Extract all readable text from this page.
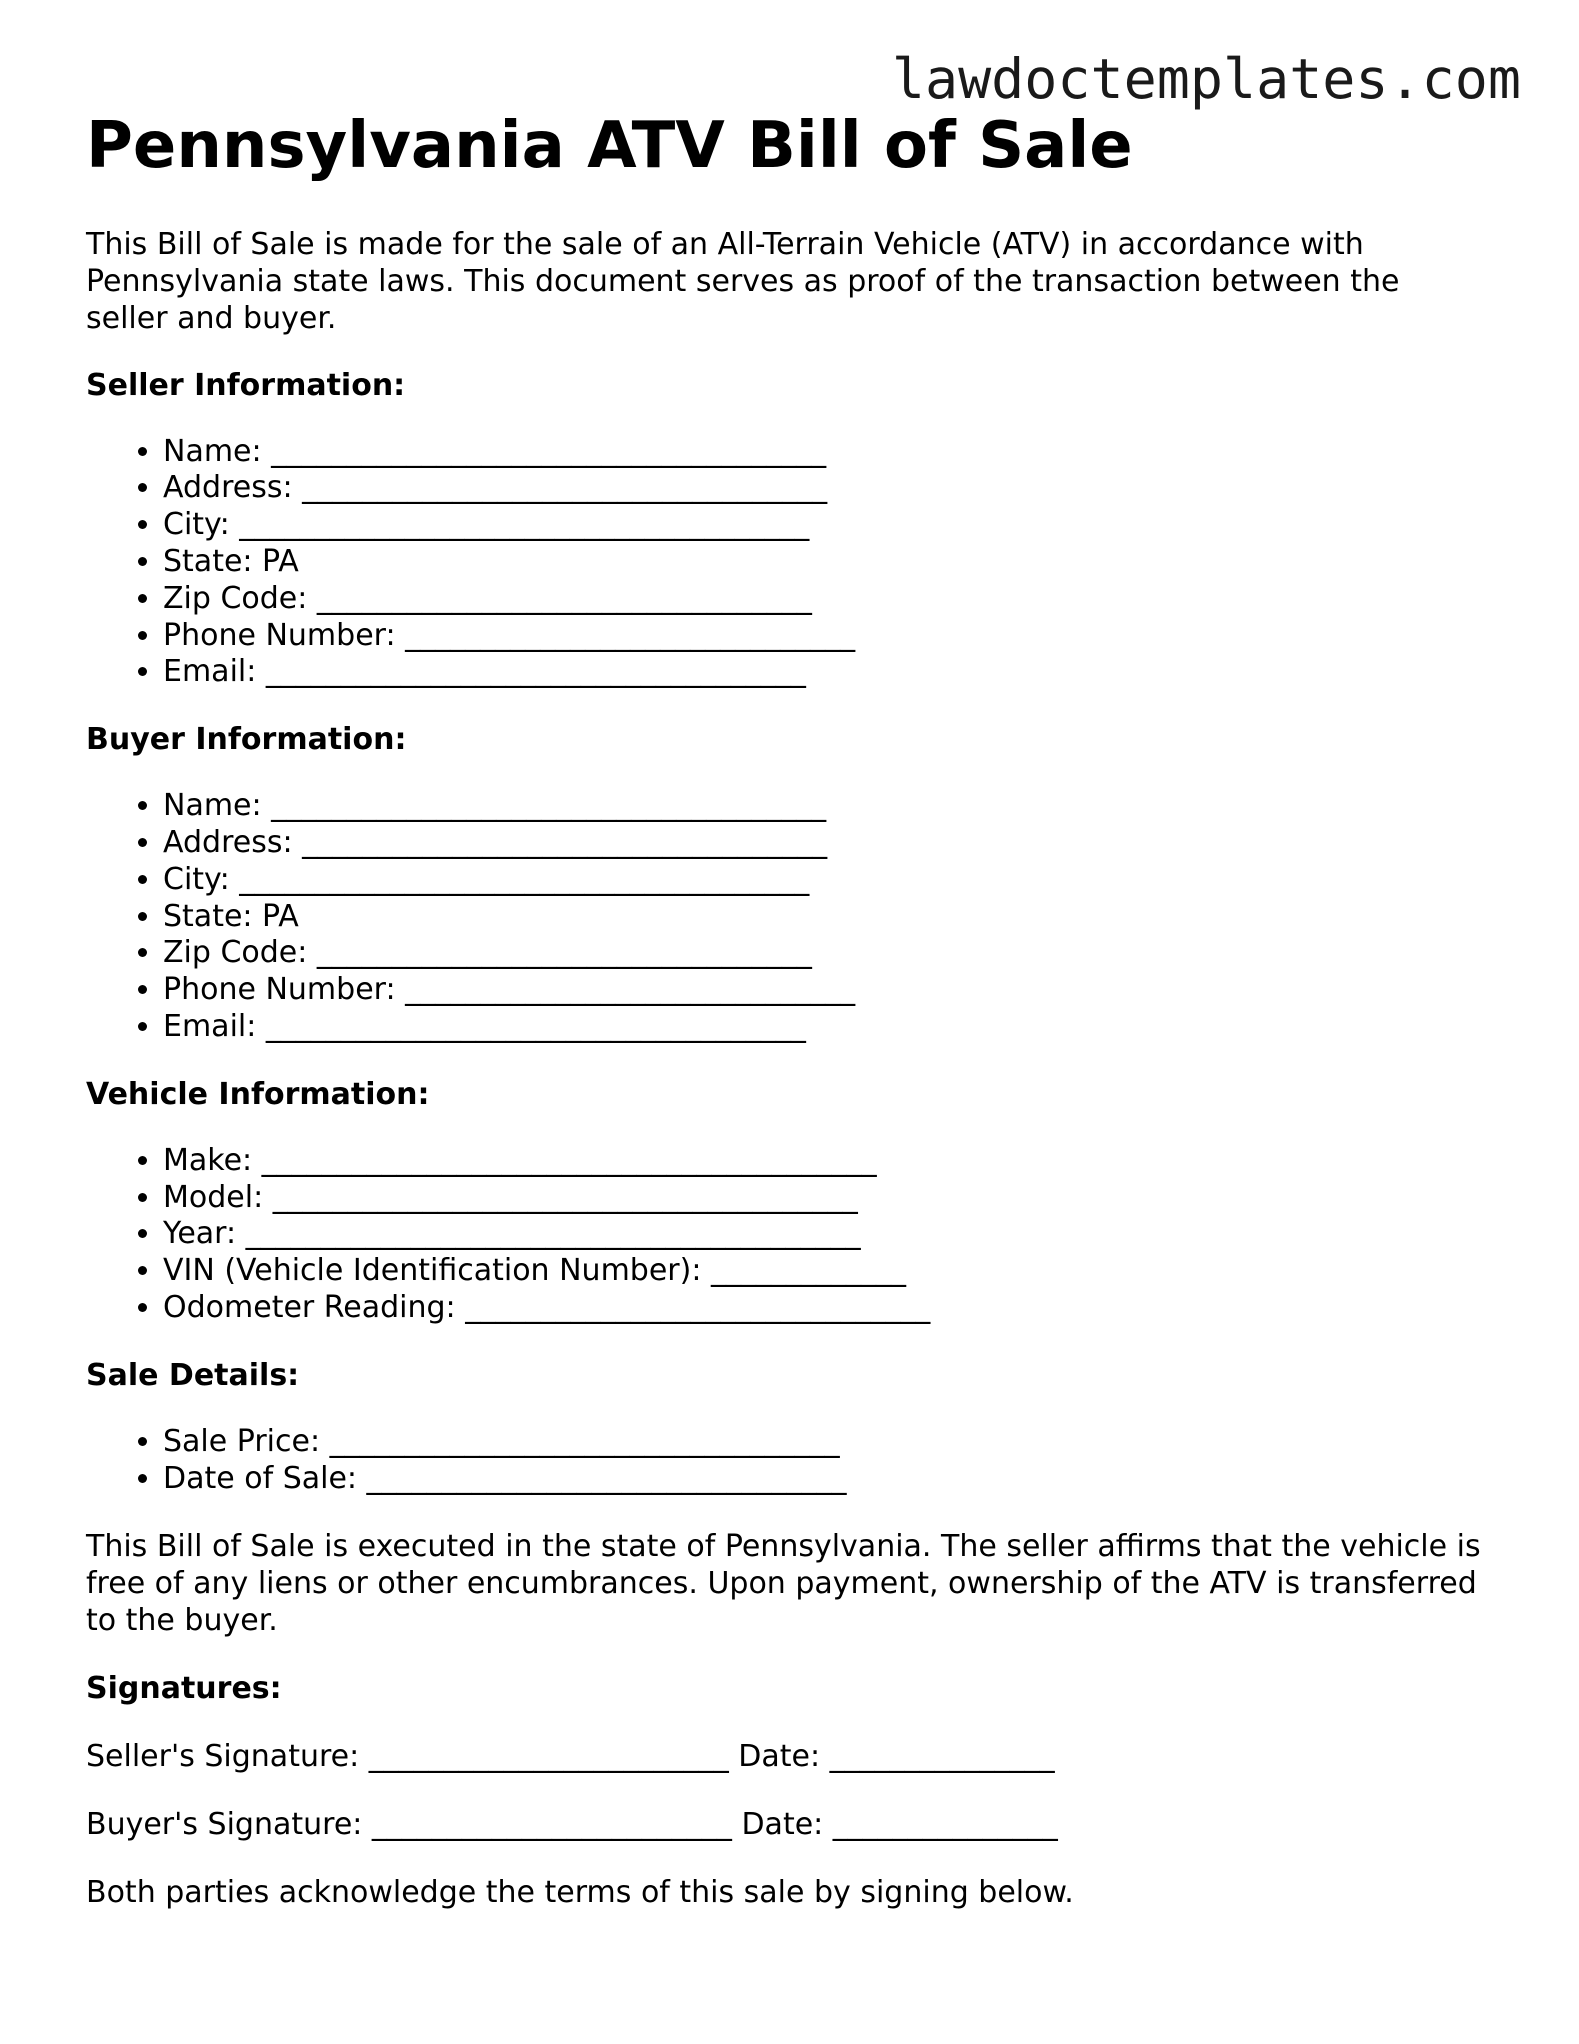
lawdoctemplates.com
Pennsylvania ATV Bill of Sale

This Bill of Sale is made for the sale of an All-Terrain Vehicle (ATV) in accordance with Pennsylvania state laws. This document serves as proof of the transaction between the seller and buyer.

Seller Information:
• Name: _____________________________________
• Address: ___________________________________
• City: ______________________________________
• State: PA
• Zip Code: _________________________________
• Phone Number: ______________________________
• Email: ____________________________________
Buyer Information:
• Name: _____________________________________
• Address: ___________________________________
• City: ______________________________________
• State: PA
• Zip Code: _________________________________
• Phone Number: ______________________________
• Email: ____________________________________
Vehicle Information:
• Make: _________________________________________
• Model: _______________________________________
• Year: _________________________________________
• VIN (Vehicle Identification Number): _____________
• Odometer Reading: _______________________________
Sale Details:
• Sale Price: __________________________________
• Date of Sale: ________________________________

This Bill of Sale is executed in the state of Pennsylvania. The seller affirms that the vehicle is free of any liens or other encumbrances. Upon payment, ownership of the ATV is transferred to the buyer.

Signatures:

Seller's Signature: ________________________ Date: _______________

Buyer's Signature: ________________________ Date: _______________

Both parties acknowledge the terms of this sale by signing below.
